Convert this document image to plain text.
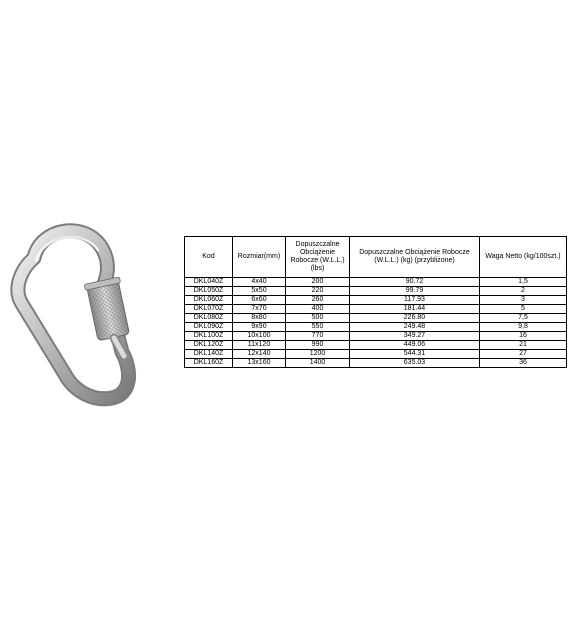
Kod	Rozmiar(mm)	Dopuszczalne Obciążenie Robocze (W.L.L.) (lbs)	Dopuszczalne Obciążenie Robocze (W.L.L.) (kg) (przybliżone)	Waga Netto (kg/100szt.)
DKL040Z	4x40	200	90.72	1,5
DKL050Z	5x50	220	99.79	2
DKL060Z	6x60	260	117.93	3
DKL070Z	7x70	400	181.44	5
DKL080Z	8x80	500	226.80	7,5
DKL090Z	9x90	550	249.48	9,8
DKL100Z	10x100	770	349.27	16
DKL120Z	11x120	990	449.06	21
DKL140Z	12x140	1200	544.31	27
DKL160Z	13x160	1400	635.03	36
